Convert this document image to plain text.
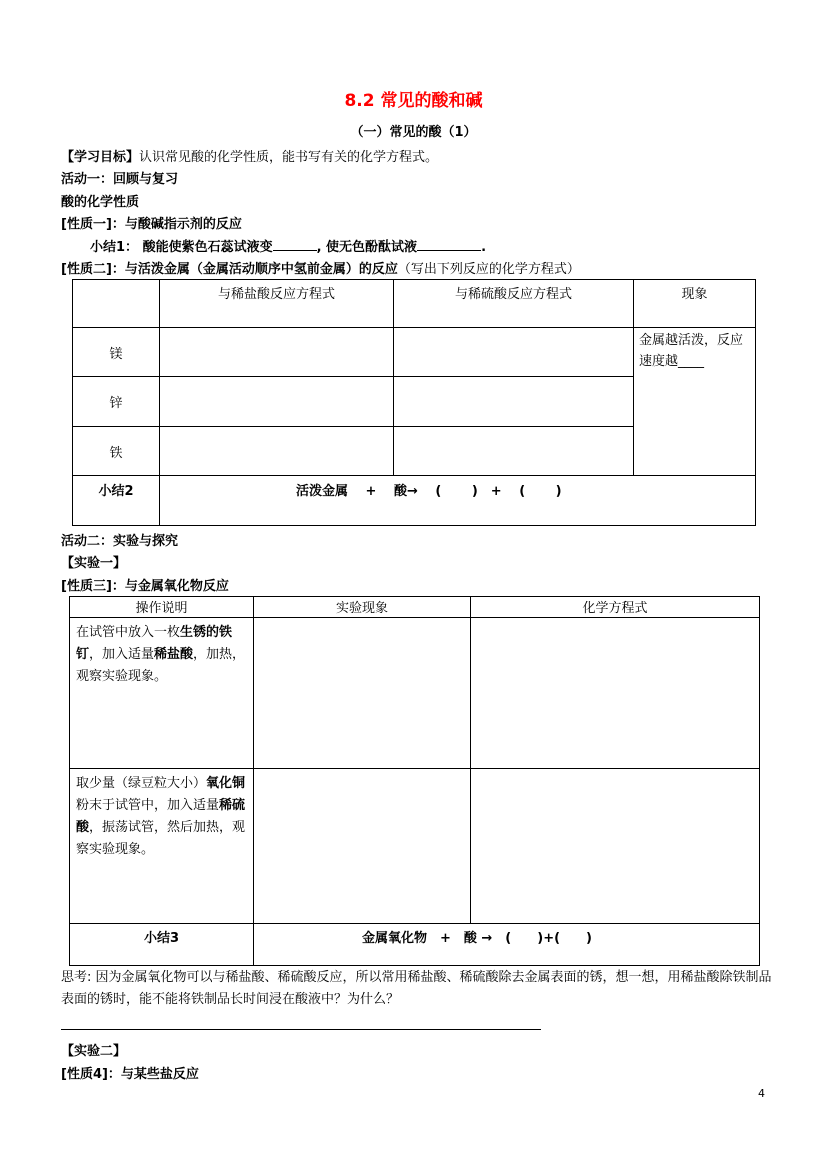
8.2 常见的酸和碱
（一）常见的酸（1）
【学习目标】认识常见酸的化学性质，能书写有关的化学方程式。
活动一：回顾与复习
酸的化学性质
[性质一]：与酸碱指示剂的反应
小结1： 酸能使紫色石蕊试液变	, 使无色酚酞试液	.
[性质二]：与活泼金属（金属活动顺序中氢前金属）的反应（写出下列反应的化学方程式）
	与稀盐酸反应方程式	与稀硫酸反应方程式	现象
镁			金属越活泼，反应速度越____
锌			
铁			
小结2	活泼金属　 +　 酸→　 (　　 )　+　 (　　 )		
活动二：实验与探究
【实验一】
[性质三]：与金属氧化物反应
操作说明	实验现象	化学方程式
在试管中放入一枚生锈的铁钉，加入适量稀盐酸，加热，观察实验现象。		
取少量（绿豆粒大小）氧化铜粉末于试管中，加入适量稀硫酸，振荡试管，然后加热，观察实验现象。		
小结3	金属氧化物　+　酸 →　(　　)+(　　)	
思考: 因为金属氧化物可以与稀盐酸、稀硫酸反应，所以常用稀盐酸、稀硫酸除去金属表面的锈，想一想，用稀盐酸除铁制品表面的锈时，能不能将铁制品长时间浸在酸液中？为什么？
【实验二】
[性质4]：与某些盐反应
4
